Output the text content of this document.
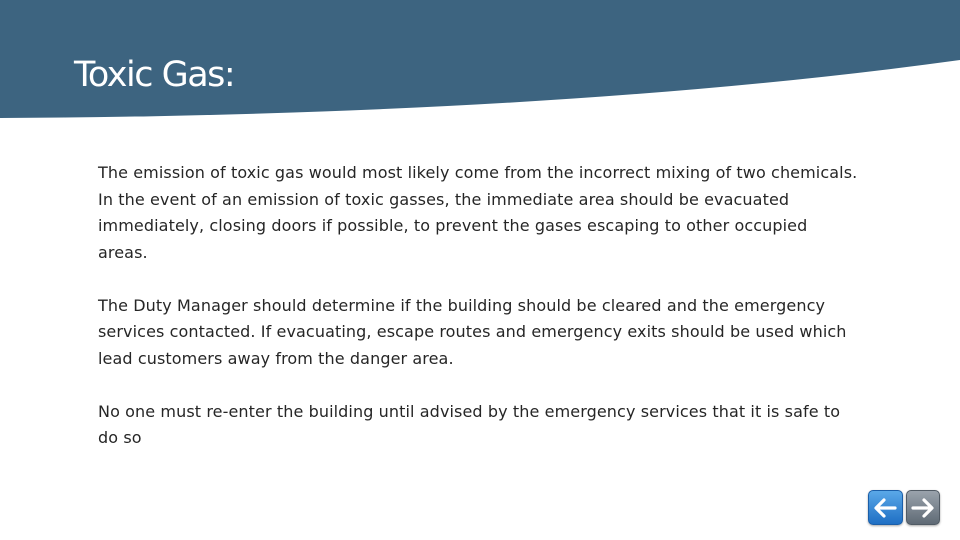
Toxic Gas:

The emission of toxic gas would most likely come from the incorrect mixing of two chemicals. In the event of an emission of toxic gasses, the immediate area should be evacuated immediately, closing doors if possible, to prevent the gases escaping to other occupied areas.

The Duty Manager should determine if the building should be cleared and the emergency services contacted. If evacuating, escape routes and emergency exits should be used which lead customers away from the danger area.

No one must re-enter the building until advised by the emergency services that it is safe to do so
